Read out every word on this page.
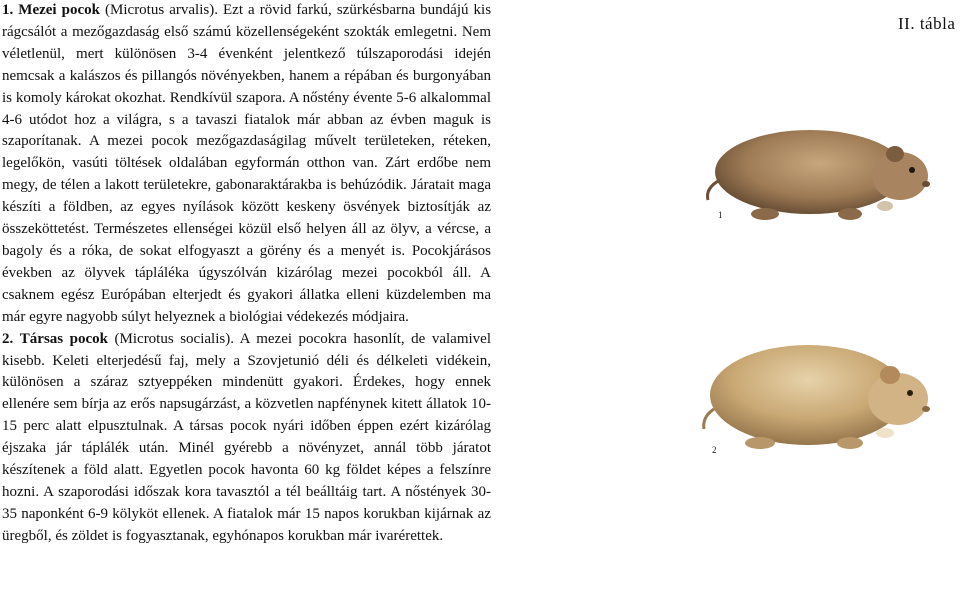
1. Mezei pocok (Microtus arvalis). Ezt a rövid farkú, szürkésbarna bundájú kis rágcsálót a mezőgazdaság első számú közellenségeként szokták emlegetni. Nem véletlenül, mert különösen 3-4 évenként jelentkező túlszaporodási idején nemcsak a kalászos és pillangós növényekben, hanem a répában és burgonyában is komoly károkat okozhat. Rendkívül szapora. A nőstény évente 5-6 alkalommal 4-6 utódot hoz a világra, s a tavaszi fiatalok már abban az évben maguk is szaporítanak. A mezei pocok mezőgazdaságilag művelt területeken, réteken, legelőkön, vasúti töltések oldalában egyformán otthon van. Zárt erdőbe nem megy, de télen a lakott területekre, gabonaraktárakba is behúzódik. Járatait maga készíti a földben, az egyes nyílások között keskeny ösvények biztosítják az összeköttetést. Természetes ellenségei közül első helyen áll az ölyv, a vércse, a bagoly és a róka, de sokat elfogyaszt a görény és a menyét is. Pocokjárásos években az ölyvek tápláléka úgyszólván kizárólag mezei pocokból áll. A csaknem egész Európában elterjedt és gyakori állatka elleni küzdelemben ma már egyre nagyobb súlyt helyeznek a biológiai védekezés módjaira.

2. Társas pocok (Microtus socialis). A mezei pocokra hasonlít, de valamivel kisebb. Keleti elterjedésű faj, mely a Szovjetunió déli és délkeleti vidékein, különösen a száraz sztyeppéken mindenütt gyakori. Érdekes, hogy ennek ellenére sem bírja az erős napsugárzást, a közvetlen napfénynek kitett állatok 10-15 perc alatt elpusztulnak. A társas pocok nyári időben éppen ezért kizárólag éjszaka jár táplálék után. Minél gyérebb a növényzet, annál több járatot készítenek a föld alatt. Egyetlen pocok havonta 60 kg földet képes a felszínre hozni. A szaporodási időszak kora tavasztól a tél beálltáig tart. A nőstények 30-35 naponként 6-9 kölyköt ellenek. A fiatalok már 15 napos korukban kijárnak az üregből, és zöldet is fogyasztanak, egyhónapos korukban már ivarérettek.

II. tábla
1
2
